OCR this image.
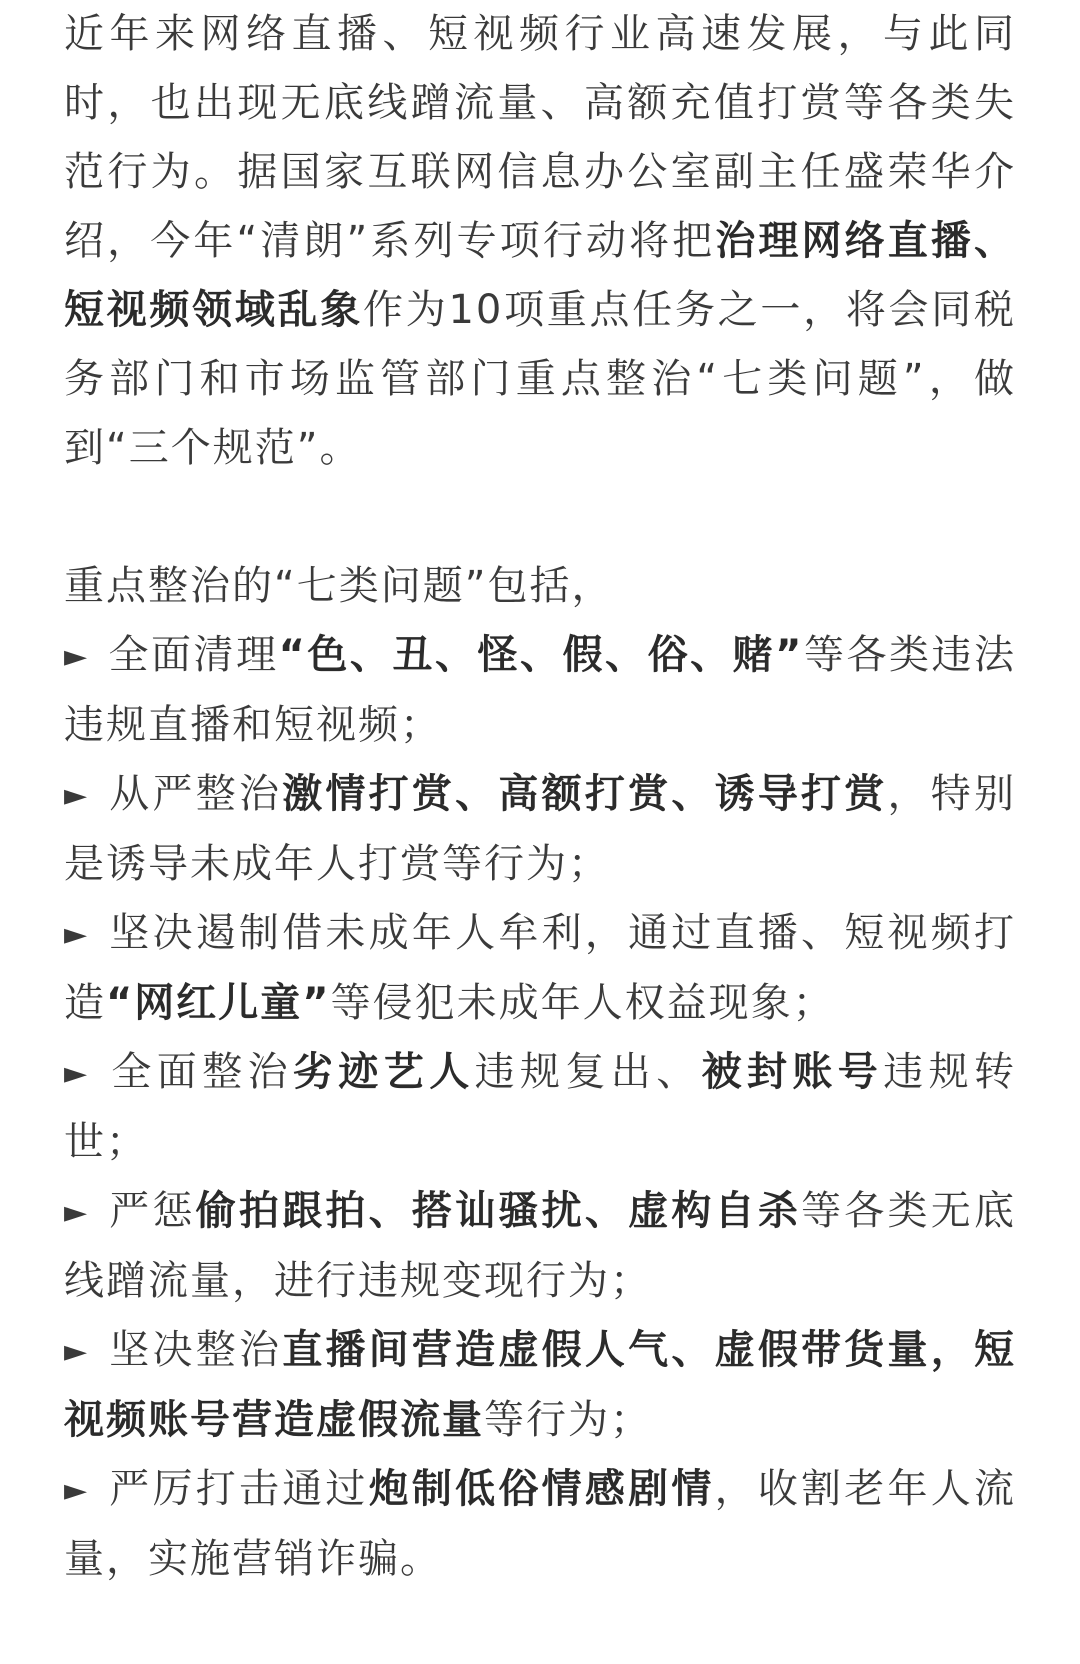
近年来网络直播、短视频行业高速发展，与此同时，也出现无底线蹭流量、高额充值打赏等各类失范行为。据国家互联网信息办公室副主任盛荣华介绍，今年“清朗”系列专项行动将把治理网络直播、短视频领域乱象作为10项重点任务之一，将会同税务部门和市场监管部门重点整治“七类问题”，做到“三个规范”。

重点整治的“七类问题”包括，

► 全面清理“色、丑、怪、假、俗、赌”等各类违法违规直播和短视频；

► 从严整治激情打赏、高额打赏、诱导打赏，特别是诱导未成年人打赏等行为；

► 坚决遏制借未成年人牟利，通过直播、短视频打造“网红儿童”等侵犯未成年人权益现象；

► 全面整治劣迹艺人违规复出、被封账号违规转世；

► 严惩偷拍跟拍、搭讪骚扰、虚构自杀等各类无底线蹭流量，进行违规变现行为；

► 坚决整治直播间营造虚假人气、虚假带货量，短视频账号营造虚假流量等行为；

► 严厉打击通过炮制低俗情感剧情，收割老年人流量，实施营销诈骗。
